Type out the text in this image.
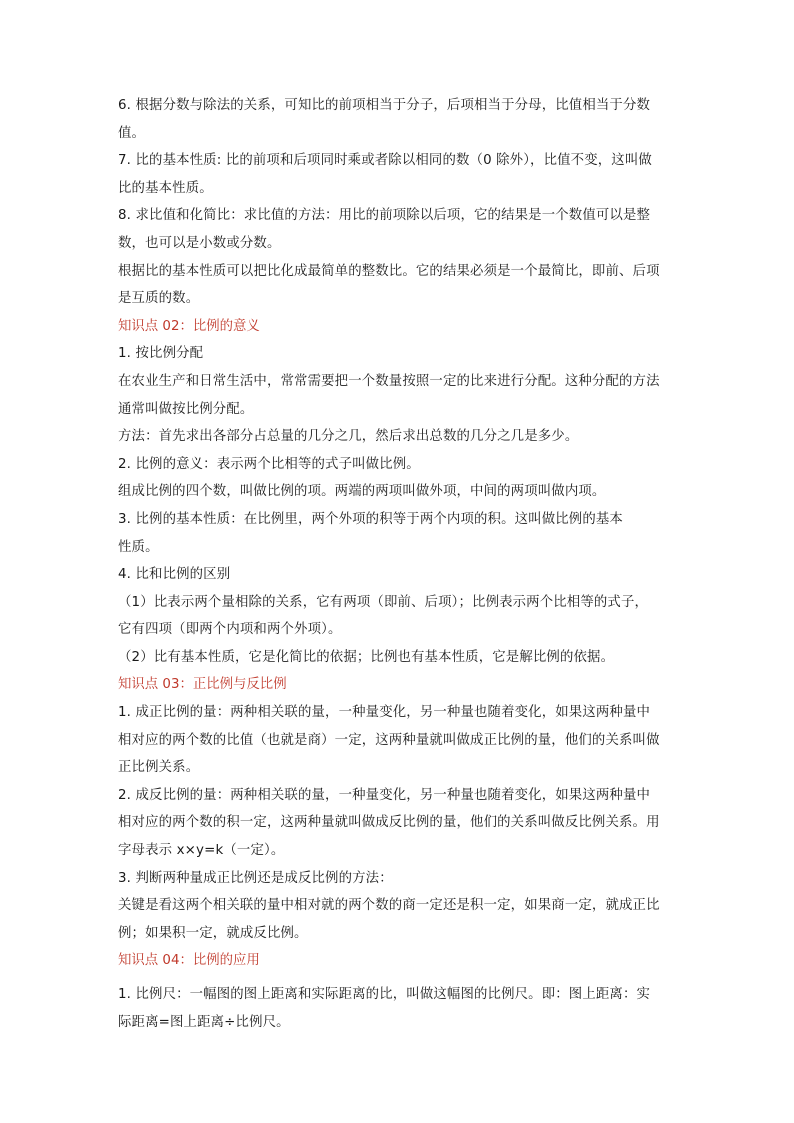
6. 根据分数与除法的关系，可知比的前项相当于分子，后项相当于分母，比值相当于分数
值。
7. 比的基本性质: 比的前项和后项同时乘或者除以相同的数（0 除外），比值不变，这叫做
比的基本性质。
8. 求比值和化简比：求比值的方法：用比的前项除以后项，它的结果是一个数值可以是整
数，也可以是小数或分数。
根据比的基本性质可以把比化成最简单的整数比。它的结果必须是一个最简比，即前、后项
是互质的数。
知识点 02：比例的意义
1. 按比例分配
在农业生产和日常生活中，常常需要把一个数量按照一定的比来进行分配。这种分配的方法
通常叫做按比例分配。
方法：首先求出各部分占总量的几分之几，然后求出总数的几分之几是多少。
2. 比例的意义：表示两个比相等的式子叫做比例。
组成比例的四个数，叫做比例的项。两端的两项叫做外项，中间的两项叫做内项。
3. 比例的基本性质：在比例里，两个外项的积等于两个内项的积。这叫做比例的基本
性质。
4. 比和比例的区别
（1）比表示两个量相除的关系，它有两项（即前、后项）；比例表示两个比相等的式子，
它有四项（即两个内项和两个外项）。
（2）比有基本性质，它是化简比的依据；比例也有基本性质，它是解比例的依据。
知识点 03：正比例与反比例
1. 成正比例的量：两种相关联的量，一种量变化，另一种量也随着变化，如果这两种量中
相对应的两个数的比值（也就是商）一定，这两种量就叫做成正比例的量，他们的关系叫做
正比例关系。
2. 成反比例的量：两种相关联的量，一种量变化，另一种量也随着变化，如果这两种量中
相对应的两个数的积一定，这两种量就叫做成反比例的量，他们的关系叫做反比例关系。用
字母表示 x×y=k（一定）。
3. 判断两种量成正比例还是成反比例的方法：
关键是看这两个相关联的量中相对就的两个数的商一定还是积一定，如果商一定，就成正比
例；如果积一定，就成反比例。
知识点 04：比例的应用
1. 比例尺：一幅图的图上距离和实际距离的比，叫做这幅图的比例尺。即：图上距离：实
际距离=图上距离÷比例尺。
